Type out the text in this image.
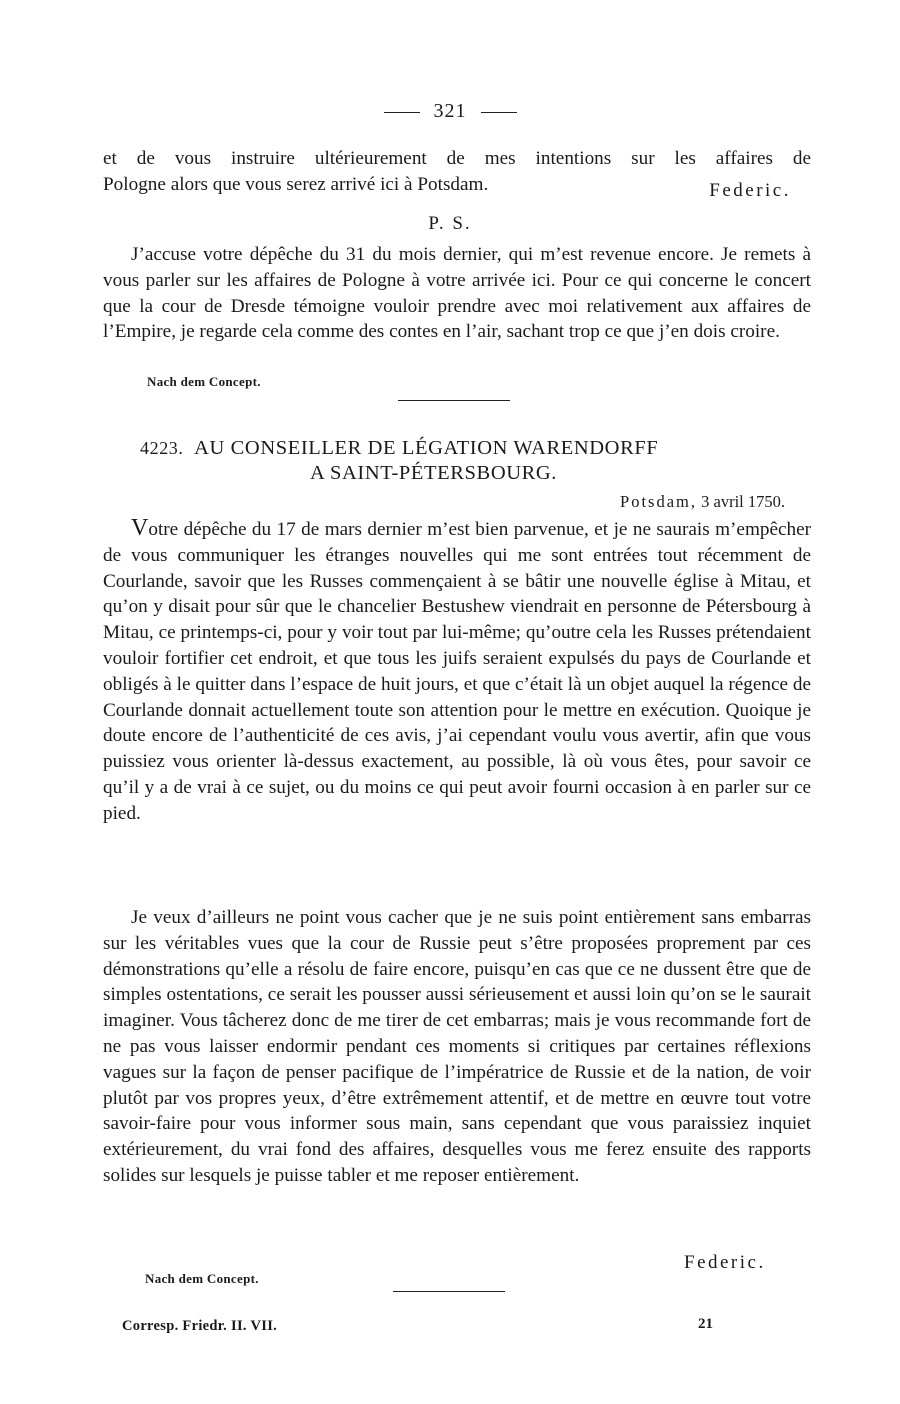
321
et de vous instruire ultérieurement de mes intentions sur les affaires de
Pologne alors que vous serez arrivé ici à Potsdam.	Federic.
P. S.
J’accuse votre dépêche du 31 du mois dernier, qui m’est revenue encore. Je remets à vous parler sur les affaires de Pologne à votre arrivée ici. Pour ce qui concerne le concert que la cour de Dresde témoigne vouloir prendre avec moi relativement aux affaires de l’Empire, je regarde cela comme des contes en l’air, sachant trop ce que j’en dois croire.
Nach dem Concept.
4223. AU CONSEILLER DE LÉGATION WARENDORFF
A SAINT-PÉTERSBOURG.
Potsdam, 3 avril 1750.
Votre dépêche du 17 de mars dernier m’est bien parvenue, et je ne saurais m’empêcher de vous communiquer les étranges nouvelles qui me sont entrées tout récemment de Courlande, savoir que les Russes commençaient à se bâtir une nouvelle église à Mitau, et qu’on y disait pour sûr que le chancelier Bestushew viendrait en personne de Pétersbourg à Mitau, ce printemps-ci, pour y voir tout par lui-même; qu’outre cela les Russes prétendaient vouloir fortifier cet endroit, et que tous les juifs seraient expulsés du pays de Courlande et obligés à le quitter dans l’espace de huit jours, et que c’était là un objet auquel la régence de Courlande donnait actuellement toute son attention pour le mettre en exécution. Quoique je doute encore de l’authenticité de ces avis, j’ai cependant voulu vous avertir, afin que vous puissiez vous orienter là-dessus exactement, au possible, là où vous êtes, pour savoir ce qu’il y a de vrai à ce sujet, ou du moins ce qui peut avoir fourni occasion à en parler sur ce pied.
Je veux d’ailleurs ne point vous cacher que je ne suis point entièrement sans embarras sur les véritables vues que la cour de Russie peut s’être proposées proprement par ces démonstrations qu’elle a résolu de faire encore, puisqu’en cas que ce ne dussent être que de simples ostentations, ce serait les pousser aussi sérieusement et aussi loin qu’on se le saurait imaginer. Vous tâcherez donc de me tirer de cet embarras; mais je vous recommande fort de ne pas vous laisser endormir pendant ces moments si critiques par certaines réflexions vagues sur la façon de penser pacifique de l’impératrice de Russie et de la nation, de voir plutôt par vos propres yeux, d’être extrêmement attentif, et de mettre en œuvre tout votre savoir-faire pour vous informer sous main, sans cependant que vous paraissiez inquiet extérieurement, du vrai fond des affaires, desquelles vous me ferez ensuite des rapports solides sur lesquels je puisse tabler et me reposer entièrement.
Federic.
Nach dem Concept.
Corresp. Friedr. II. VII.	21
